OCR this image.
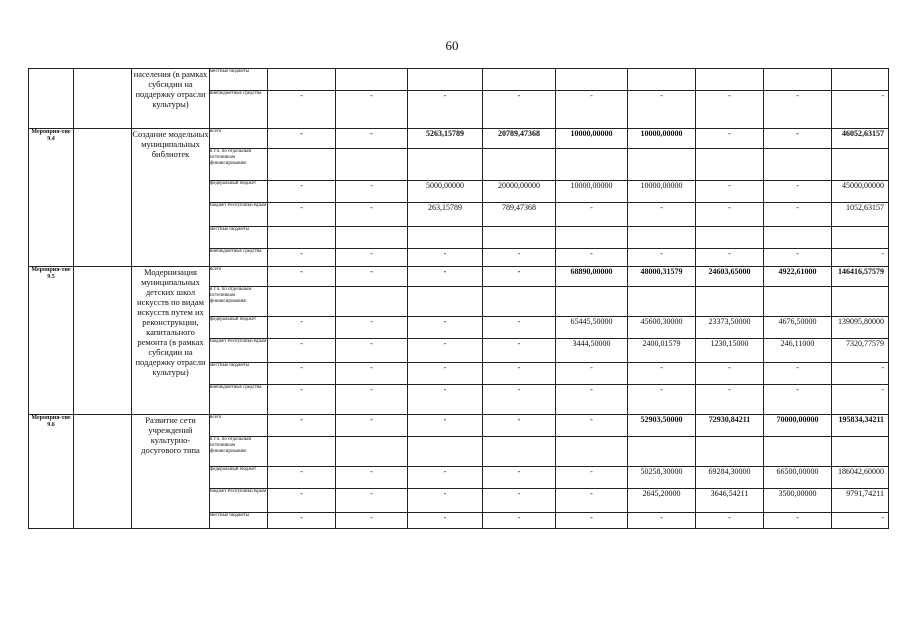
60
		населения (в рамках субсидии на поддержку отрасли культуры)	местные бюджеты									
			внебюджетные средства	-	-	-	-	-	-	-	-	-
Мероприя-тие 9.4		Создание модельных муниципальных библиотек	всего	-	-	5263,15789	20789,47368	10000,00000	10000,00000	-	-	46052,63157
			в т.ч. по отдельным источникам финансирования:									
			федеральный бюджет	-	-	5000,00000	20000,00000	10000,00000	10000,00000	-	-	45000,00000
			бюджет Республики Крым	-	-	263,15789	789,47368	-	-	-	-	1052,63157
			местные бюджеты									
			внебюджетные средства	-	-	-	-	-	-	-	-	-
Мероприя-тие 9.5		Модернизация муниципальных детских школ искусств по видам искусств путем их реконструкции, капитального ремонта (в рамках субсидии на поддержку отрасли культуры)	всего	-	-	-	-	68890,00000	48000,31579	24603,65000	4922,61000	146416,57579
			в т.ч. по отдельным источникам финансирования:									
			федеральный бюджет	-	-	-	-	65445,50000	45600,30000	23373,50000	4676,50000	139095,80000
			бюджет Республики Крым	-	-	-	-	3444,50000	2400,01579	1230,15000	246,11000	7320,77579
			местные бюджеты	-	-	-	-	-	-	-	-	-
			внебюджетные средства	-	-	-	-	-	-	-	-	-
Мероприя-тие 9.6		Развитие сети учреждений культурно-досугового типа	всего	-	-	-	-	-	52903,50000	72930,84211	70000,00000	195834,34211
			в т.ч. по отдельным источникам финансирования:									
			федеральный бюджет	-	-	-	-	-	50258,30000	69284,30000	66500,00000	186042,60000
			бюджет Республики Крым	-	-	-	-	-	2645,20000	3646,54211	3500,00000	9791,74211
			местные бюджеты	-	-	-	-	-	-	-	-	-
